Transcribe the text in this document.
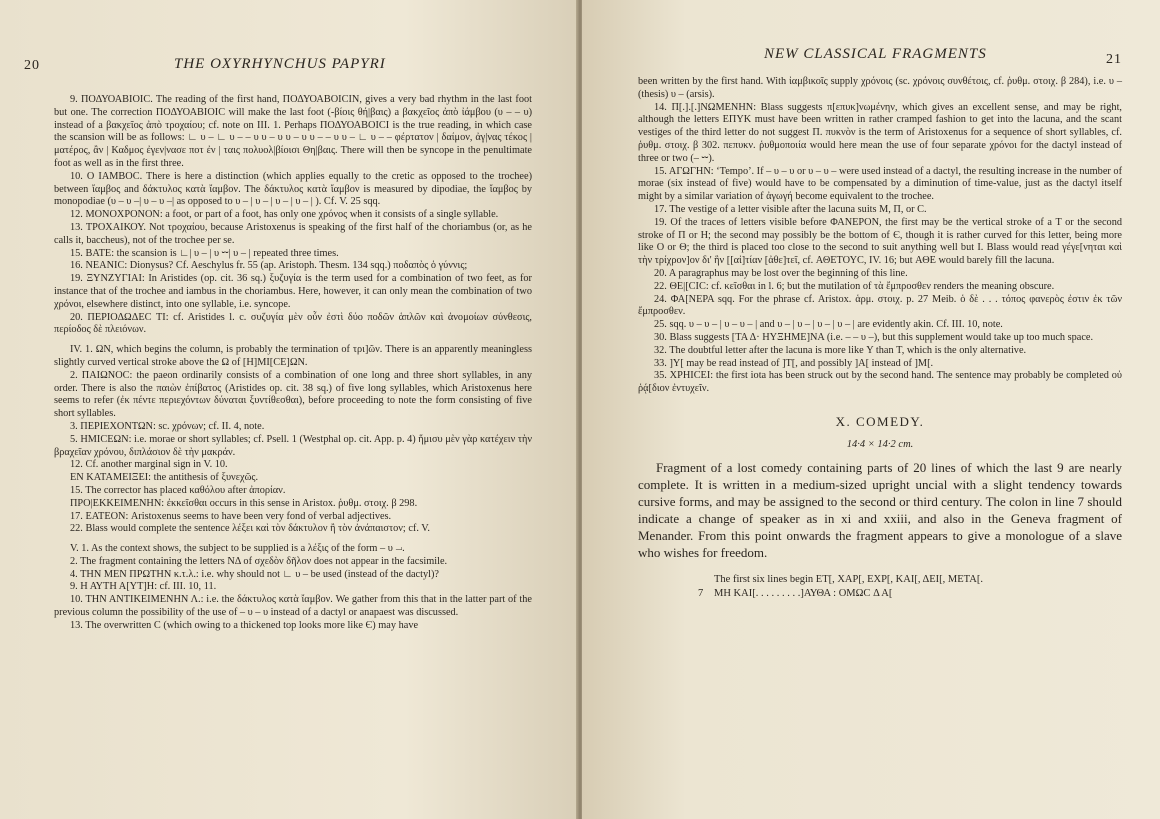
20	THE OXYRHYNCHUS PAPYRI

9. ΠΟΔΥΟΑΒΙΟΙC. The reading of the first hand, ΠΟΔΥΟΑΒΟΙCIN, gives a very bad rhythm in the last foot but one. The correction ΠΟΔΥΟΑΒΙΟΙC will make the last foot (-βίοις θή|βαις) a βακχεῖος ἀπὸ ἰάμβου (υ – – υ) instead of a βακχεῖος ἀπὸ τροχαίου; cf. note on III. 1. Perhaps ΠΟΔΥΟΑΒΟΙCΙ is the true reading, in which case the scansion will be as follows: ∟ υ – ∟ υ – – υ υ – υ υ – υ υ – – υ υ – ∟ υ – – φέρτατον | δαίμον, ἀγ|νας τέκος | ματέρος, ἂν | Καδμος ἐγεν|νασε ποτ ἐν | ταις πολυολ|βίοισι Θη|βαις. There will then be syncope in the penultimate foot as well as in the first three.

10. Ο ΙΑΜΒΟC. There is here a distinction (which applies equally to the cretic as opposed to the trochee) between ἴαμβος and δάκτυλος κατὰ ἴαμβον. The δάκτυλος κατὰ ἴαμβον is measured by dipodiae, the ἴαμβος by monopodiae (υ – υ –| υ – υ –| as opposed to υ – | υ – | υ – | υ – | ). Cf. V. 25 sqq.

12. ΜΟΝΟΧΡΟΝΟΝ: a foot, or part of a foot, has only one χρόνος when it consists of a single syllable.

13. ΤΡΟΧΑΙΚΟΥ. Not τροχαίου, because Aristoxenus is speaking of the first half of the choriambus (or, as he calls it, baccheus), not of the trochee per se.

15. ΒΑΤΕ: the scansion is ∟| υ – | υ ⏑⏑| υ – | repeated three times.

16. ΝΕΑΝΙC: Dionysus? Cf. Aeschylus fr. 55 (ap. Aristoph. Thesm. 134 sqq.) ποδαπὸς ὁ γύννις;

19. ΞΥΝΖΥΓΙΑΙ: In Aristides (op. cit. 36 sq.) ξυζυγία is the term used for a combination of two feet, as for instance that of the trochee and iambus in the choriambus. Here, however, it can only mean the combination of two χρόνοι, elsewhere distinct, into one syllable, i.e. syncope.

20. ΠΕΡΙΟΔΩΔΕC ΤΙ: cf. Aristides l. c. συζυγία μὲν οὖν ἐστὶ δύο ποδῶν ἁπλῶν καὶ ἀνομοίων σύνθεσις, περίοδος δὲ πλειόνων.

IV. 1. ΩΝ, which begins the column, is probably the termination of τρι]ῶν. There is an apparently meaningless slightly curved vertical stroke above the Ω of [Η]ΜΙ[CΕ]ΩΝ.

2. ΠΑΙΩΝΟC: the paeon ordinarily consists of a combination of one long and three short syllables, in any order. There is also the παιὼν ἐπίβατος (Aristides op. cit. 38 sq.) of five long syllables, which Aristoxenus here seems to refer (ἐκ πέντε περιεχόντων δύναται ξυντίθεσθαι), before proceeding to note the form consisting of five short syllables.

3. ΠΕΡΙΕΧΟΝΤΩΝ: sc. χρόνων; cf. II. 4, note.

5. ΗΜΙCΕΩΝ: i.e. morae or short syllables; cf. Psell. 1 (Westphal op. cit. App. p. 4) ἥμισυ μὲν γὰρ κατέχειν τὴν βραχεῖαν χρόνου, διπλάσιον δὲ τὴν μακράν.

12. Cf. another marginal sign in V. 10.

ΕΝ ΚΑΤΑΜΕΙΞΕΙ: the antithesis of ξυνεχῶς.

15. The corrector has placed καθόλου after ἀπορίαν.

ΠΡΟ|ΕΚΚΕΙΜΕΝΗΝ: ἐκκεῖσθαι occurs in this sense in Aristox. ῥυθμ. στοιχ. β 298.

17. ΕΑΤΕΟΝ: Aristoxenus seems to have been very fond of verbal adjectives.

22. Blass would complete the sentence λέξει καὶ τὸν δάκτυλον ἢ τὸν ἀνάπαιστον; cf. V.

V. 1. As the context shows, the subject to be supplied is a λέξις of the form – υ ⏗.

2. The fragment containing the letters ΝΔ of σχεδὸν δῆλον does not appear in the facsimile.

4. ΤΗΝ ΜΕΝ ΠΡΩΤΗΝ κ.τ.λ.: i.e. why should not ∟ υ – be used (instead of the dactyl)?

9. Η ΑΥΤΗ Α[ΥΤ]Η: cf. III. 10, 11.

10. ΤΗΝ ΑΝΤΙΚΕΙΜΕΝΗΝ Λ.: i.e. the δάκτυλος κατὰ ἴαμβον. We gather from this that in the latter part of the previous column the possibility of the use of – υ – υ instead of a dactyl or anapaest was discussed.

13. The overwritten C (which owing to a thickened top looks more like Є) may have

NEW CLASSICAL FRAGMENTS	21

been written by the first hand. With ἰαμβικοῖς supply χρόνοις (sc. χρόνοις συνθέτοις, cf. ῥυθμ. στοιχ. β 284), i.e. υ – (thesis) υ – (arsis).

14. Π[.].[.]ΝΩΜΕΝΗΝ: Blass suggests π[επυκ]νωμένην, which gives an excellent sense, and may be right, although the letters ΕΠΥΚ must have been written in rather cramped fashion to get into the lacuna, and the scant vestiges of the third letter do not suggest Π. πυκνὸν is the term of Aristoxenus for a sequence of short syllables, cf. ῥυθμ. στοιχ. β 302. πεπυκν. ῥυθμοποιία would here mean the use of four separate χρόνοι for the dactyl instead of three or two (– ⏑⏑).

15. ΑΓΩΓΗΝ: ‘Tempo’. If – υ – υ or υ – υ – were used instead of a dactyl, the resulting increase in the number of morae (six instead of five) would have to be compensated by a diminution of time-value, just as the dactyl itself might by a similar variation of ἀγωγή become equivalent to the trochee.

17. The vestige of a letter visible after the lacuna suits Μ, Π, or C.

19. Of the traces of letters visible before ΦΑΝΕΡΟΝ, the first may be the vertical stroke of a Τ or the second stroke of Π or Η; the second may possibly be the bottom of Є, though it is rather curved for this letter, being more like Ο or Θ; the third is placed too close to the second to suit anything well but Ι. Blass would read γέγε[νηται καὶ τὴν τρίχρον]ον δι' ἣν [[αἰ]τίαν [ἀθε]τεῖ, cf. ΑΘΕΤΟΥC, IV. 16; but ΑΘΕ would barely fill the lacuna.

20. A paragraphus may be lost over the beginning of this line.

22. ΘΕ|[CΙC: cf. κεῖσθαι in l. 6; but the mutilation of τὰ ἔμπροσθεν renders the meaning obscure.

24. ΦΑ[ΝΕΡΑ sqq. For the phrase cf. Aristox. ἁρμ. στοιχ. p. 27 Meib. ὁ δὲ . . . τόπος φανερὸς ἐστιν ἐκ τῶν ἔμπροσθεν.

25. sqq. υ – υ – | υ – υ – | and υ – | υ – | υ – | υ – | are evidently akin. Cf. III. 10, note.

30. Blass suggests [ΤΑ Δ· ΗΥΞΗΜΕ]ΝΑ (i.e. – – υ –), but this supplement would take up too much space.

32. The doubtful letter after the lacuna is more like Υ than Τ, which is the only alternative.

33. ]Υ[ may be read instead of ]Τ[, and possibly ]Α[ instead of ]Μ[.

35. ΧΡΗΙCΕΙ: the first iota has been struck out by the second hand. The sentence may probably be completed οὐ ῥᾴ[διον ἐντυχεῖν.

X. COMEDY.
14·4 × 14·2 cm.

Fragment of a lost comedy containing parts of 20 lines of which the last 9 are nearly complete. It is written in a medium-sized upright uncial with a slight tendency towards cursive forms, and may be assigned to the second or third century. The colon in line 7 should indicate a change of speaker as in xi and xxiii, and also in the Geneva fragment of Menander. From this point onwards the fragment appears to give a monologue of a slave who wishes for freedom.

The first six lines begin ΕΤ[, ΧΑΡ[, ΕΧΡ[, ΚΑΙ[, ΔΕΙ[, ΜΕΤΑ[.
7 ΜΗ ΚΑΙ[. . . . . . . . .]ΑΥΘΑ : ΟΜΩC Δ Α[
